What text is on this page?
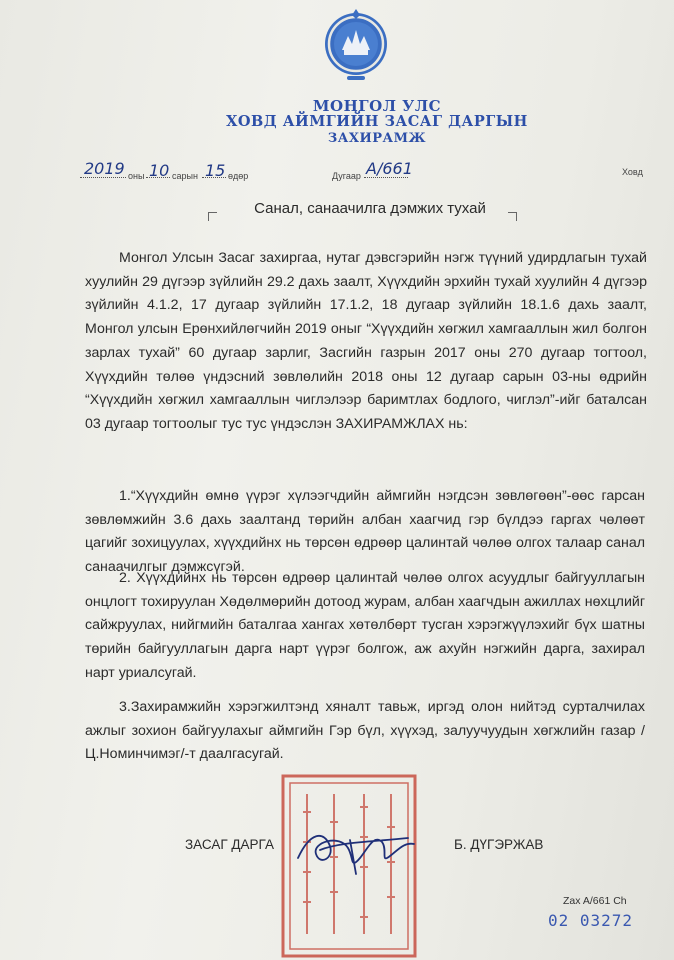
МОНГОЛ УЛС
ХОВД АЙМГИЙН ЗАСАГ ДАРГЫН
ЗАХИРАМЖ
2019 оны 10 сарын 15 өдөр	Дугаар А/661	Ховд
Санал, санаачилга дэмжих тухай
Монгол Улсын Засаг захиргаа, нутаг дэвсгэрийн нэгж түүний удирдлагын тухай хуулийн 29 дүгээр зүйлийн 29.2 дахь заалт, Хүүхдийн эрхийн тухай хуулийн 4 дүгээр зүйлийн 4.1.2, 17 дугаар зүйлийн 17.1.2, 18 дугаар зүйлийн 18.1.6 дахь заалт, Монгол улсын Ерөнхийлөгчийн 2019 оныг “Хүүхдийн хөгжил хамгааллын жил болгон зарлах тухай” 60 дугаар зарлиг, Засгийн газрын 2017 оны 270 дугаар тогтоол, Хүүхдийн төлөө үндэсний зөвлөлийн 2018 оны 12 дугаар сарын 03-ны өдрийн “Хүүхдийн хөгжил хамгааллын чиглэлээр баримтлах бодлого, чиглэл”-ийг баталсан 03 дугаар тогтоолыг тус тус үндэслэн ЗАХИРАМЖЛАХ нь:
1.“Хүүхдийн өмнө үүрэг хүлээгчдийн аймгийн нэгдсэн зөвлөгөөн”-өөс гарсан зөвлөмжийн 3.6 дахь заалтанд төрийн албан хаагчид гэр бүлдээ гаргах чөлөөт цагийг зохицуулах, хүүхдийнх нь төрсөн өдрөөр цалинтай чөлөө олгох талаар санал санаачилгыг дэмжсүгэй.
2. Хүүхдийнх нь төрсөн өдрөөр цалинтай чөлөө олгох асуудлыг байгууллагын онцлогт тохируулан Хөдөлмөрийн дотоод журам, албан хаагчдын ажиллах нөхцлийг сайжруулах, нийгмийн баталгаа хангах хөтөлбөрт тусган хэрэгжүүлэхийг бүх шатны төрийн байгууллагын дарга нарт үүрэг болгож, аж ахуйн нэгжийн дарга, захирал нарт уриалсугай.
3.Захирамжийн хэрэгжилтэнд хяналт тавьж, иргэд олон нийтэд сурталчилах ажлыг зохион байгуулахыг аймгийн Гэр бүл, хүүхэд, залуучуудын хөгжлийн газар /Ц.Номинчимэг/-т даалгасугай.
ЗАСАГ ДАРГА	Б. ДҮГЭРЖАВ
Zax A/661 Ch
02 03272
